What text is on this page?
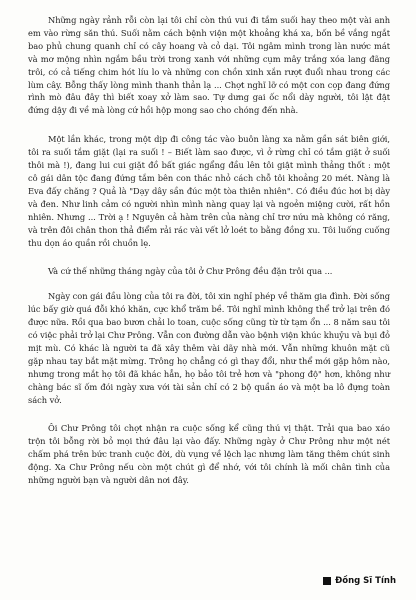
Những ngày rảnh rỗi còn lại tôi chỉ còn thú vui đi tắm suối hay theo một vài anh em vào rừng săn thú. Suối nằm cách bệnh viện một khoảng khá xa, bốn bề vắng ngắt bao phủ chung quanh chỉ có cây hoang và cỏ dại. Tôi ngâm mình trong làn nước mát và mơ mộng nhìn ngắm bầu trời trong xanh với những cụm mây trắng xóa lang đãng trôi, có cả tiếng chim hót líu lo và những con chồn xinh xắn rượt đuổi nhau trong các lùm cây. Bỗng thấy lòng mình thanh thản lạ ... Chợt nghĩ lỡ có một con cọp đang đứng rình mò đâu đây thì biết xoay xở làm sao. Tự dưng gai ốc nổi dày người, tôi lật đật đứng dậy đi về mà lòng cứ hồi hộp mong sao cho chóng đến nhà.

Một lần khác, trong một dịp đi công tác vào buôn làng xa nằm gần sát biên giới, tôi ra suối tắm giặt (lại ra suối ! – Biết làm sao được, vì ở rừng chỉ có tắm giặt ở suối thôi mà !), đang lui cui giặt đồ bất giác ngẩng đầu lên tôi giật mình thảng thốt : một cô gái dân tộc đang đứng tắm bên con thác nhỏ cách chỗ tôi khoảng 20 mét. Nàng là Eva đấy chăng ? Quả là "Dạy dây sần đúc một tòa thiên nhiên". Có điều đúc hơi bị dày và đen. Như linh cảm có người nhìn mình nàng quay lại và ngoẻn miệng cười, rất hồn nhiên. Nhưng ... Trời ạ ! Nguyên cả hàm trên của nàng chỉ trơ nứu mà không có răng, và trên đôi chân thon thả điểm rải rác vài vết lở loét to bằng đồng xu. Tôi luống cuống thu dọn áo quần rồi chuồn lẹ.

Và cứ thế những tháng ngày của tôi ở Chư Prông đều đặn trôi qua ...

Ngày con gái đầu lòng của tôi ra đời, tôi xin nghỉ phép về thăm gia đình. Đời sống lúc bấy giờ quá đỗi khó khăn, cực khổ trăm bề. Tôi nghĩ mình không thể trở lại trên đó được nữa. Rồi qua bao bươn chải lo toan, cuộc sống cũng từ từ tạm ổn ... 8 năm sau tôi có việc phải trở lại Chư Prông. Vẫn con đường dẫn vào bệnh viện khúc khuỷu và bụi đỏ mịt mù. Có khác là người ta đã xây thêm vài dãy nhà mới. Vẫn những khuôn mặt cũ gặp nhau tay bắt mặt mừng. Trông họ chẳng có gì thay đổi, như thể mới gặp hôm nào, nhưng trong mắt họ tôi đã khác hẳn, họ bảo tôi trẻ hơn và "phong độ" hơn, không như chàng bác sĩ ốm đói ngày xưa với tài sản chỉ có 2 bộ quần áo và một ba lô đựng toàn sách vở.

Ôi Chư Prông tôi chợt nhận ra cuộc sống kể cũng thú vị thật. Trải qua bao xáo trộn tôi bỗng rời bỏ mọi thứ đâu lại vào đấy. Những ngày ở Chư Prông như một nét chấm phá trên bức tranh cuộc đời, dù vụng về lệch lạc nhưng làm tăng thêm chút sinh động. Xa Chư Prông nếu còn một chút gì để nhớ, với tôi chính là mối chân tình của những người bạn và người dân nơi đây.

Đồng Sĩ Tính
